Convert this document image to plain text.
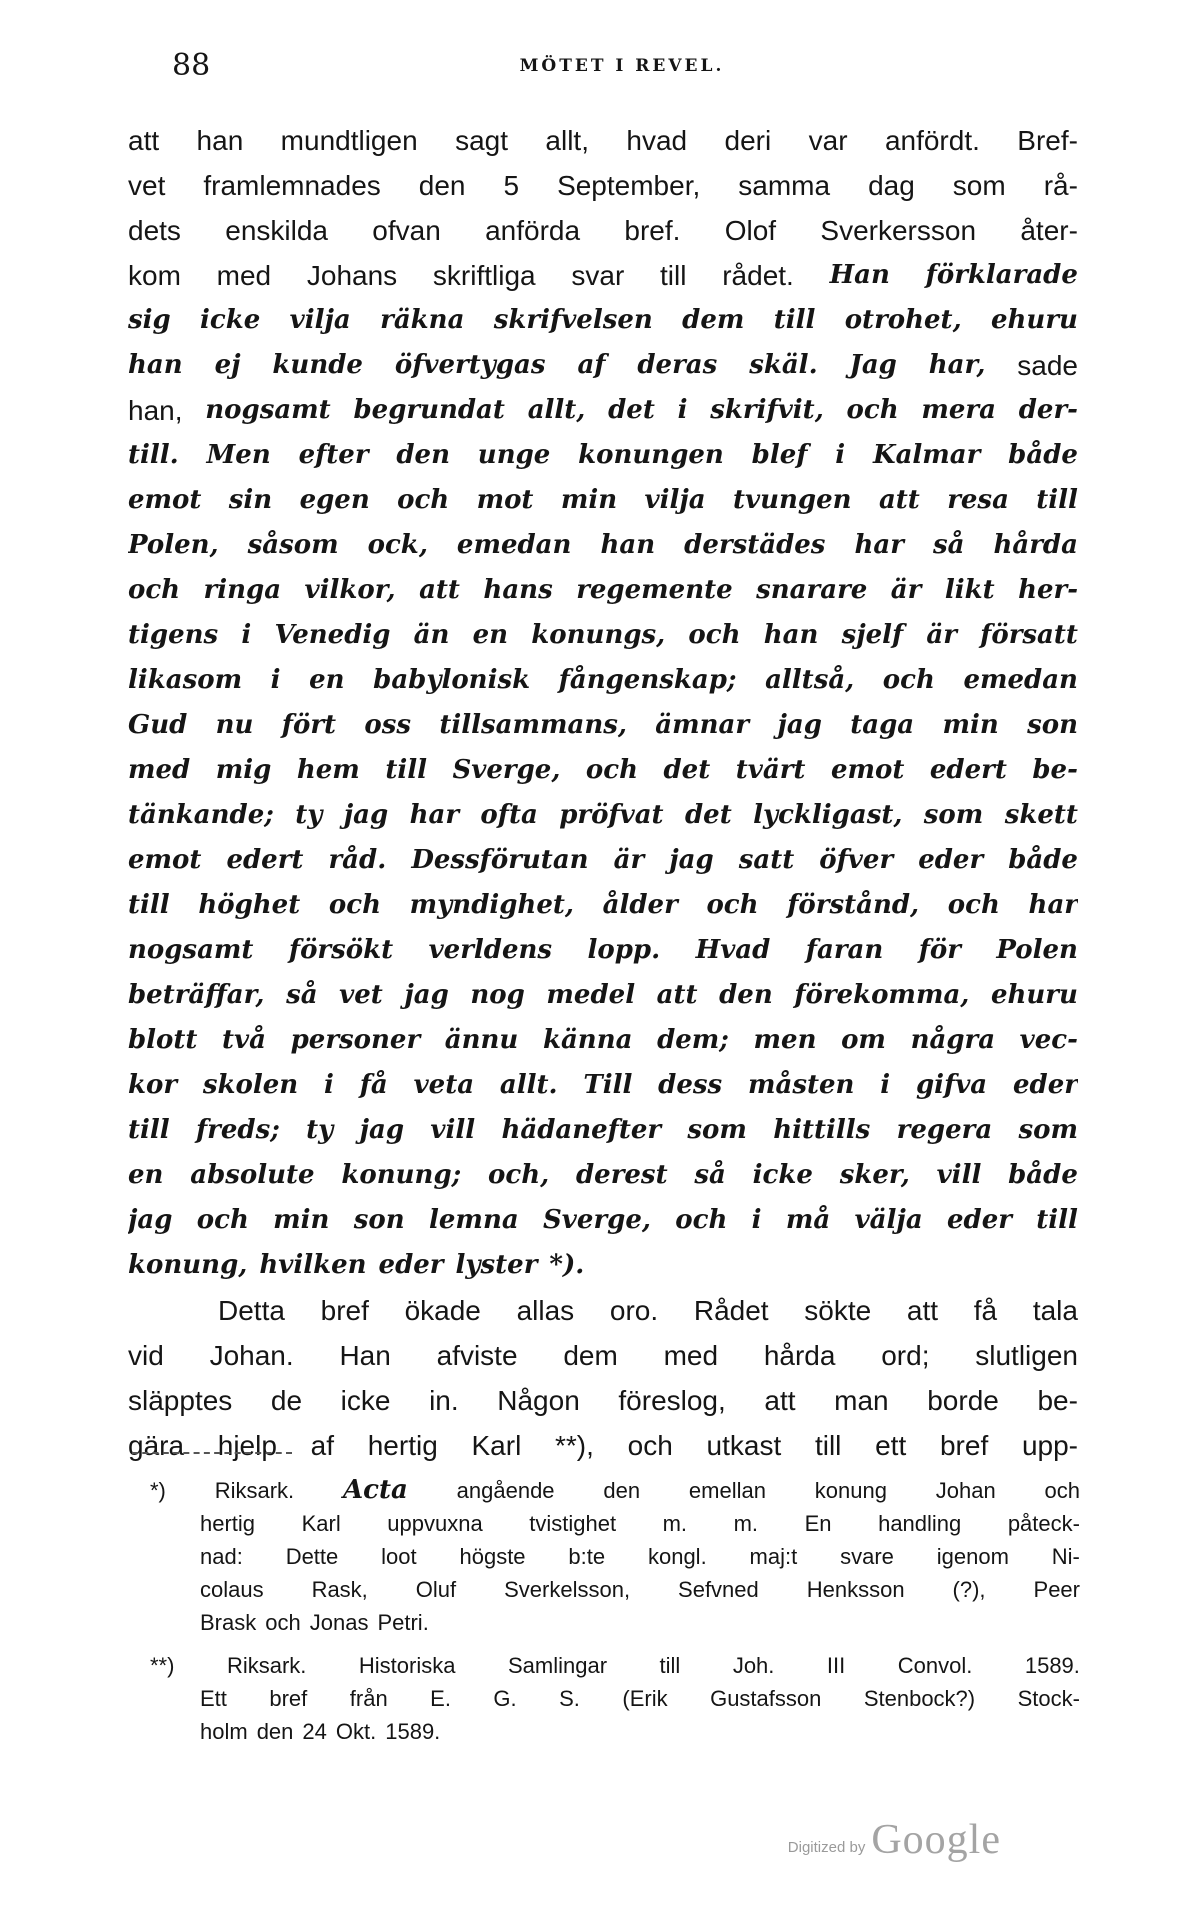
88	MÖTET I REVEL.
att han mundtligen sagt allt, hvad deri var anfördt. Bref-
vet framlemnades den 5 September, samma dag som rå-
dets enskilda ofvan anförda bref. Olof Sverkersson åter-
kom med Johans skriftliga svar till rådet. Han förklarade
sig icke vilja räkna skrifvelsen dem till otrohet, ehuru
han ej kunde öfvertygas af deras skäl. Jag har, sade
han, nogsamt begrundat allt, det i skrifvit, och mera der-
till. Men efter den unge konungen blef i Kalmar både
emot sin egen och mot min vilja tvungen att resa till
Polen, såsom ock, emedan han derstädes har så hårda
och ringa vilkor, att hans regemente snarare är likt her-
tigens i Venedig än en konungs, och han sjelf är försatt
likasom i en babylonisk fångenskap; alltså, och emedan
Gud nu fört oss tillsammans, ämnar jag taga min son
med mig hem till Sverge, och det tvärt emot edert be-
tänkande; ty jag har ofta pröfvat det lyckligast, som skett
emot edert råd. Dessförutan är jag satt öfver eder både
till höghet och myndighet, ålder och förstånd, och har
nogsamt försökt verldens lopp. Hvad faran för Polen
beträffar, så vet jag nog medel att den förekomma, ehuru
blott två personer ännu känna dem; men om några vec-
kor skolen i få veta allt. Till dess måsten i gifva eder
till freds; ty jag vill hädanefter som hittills regera som
en absolute konung; och, derest så icke sker, vill både
jag och min son lemna Sverge, och i må välja eder till
konung, hvilken eder lyster *).
Detta bref ökade allas oro. Rådet sökte att få tala
vid Johan. Han afviste dem med hårda ord; slutligen
släpptes de icke in. Någon föreslog, att man borde be-
gära hjelp af hertig Karl **), och utkast till ett bref upp-
*) Riksark. Acta angående den emellan konung Johan och
hertig Karl uppvuxna tvistighet m. m. En handling påteck-
nad: Dette loot högste b:te kongl. maj:t svare igenom Ni-
colaus Rask, Oluf Sverkelsson, Sefvned Henksson (?), Peer
Brask och Jonas Petri.
**) Riksark. Historiska Samlingar till Joh. III Convol. 1589.
Ett bref från E. G. S. (Erik Gustafsson Stenbock?) Stock-
holm den 24 Okt. 1589.
Digitized by Google
